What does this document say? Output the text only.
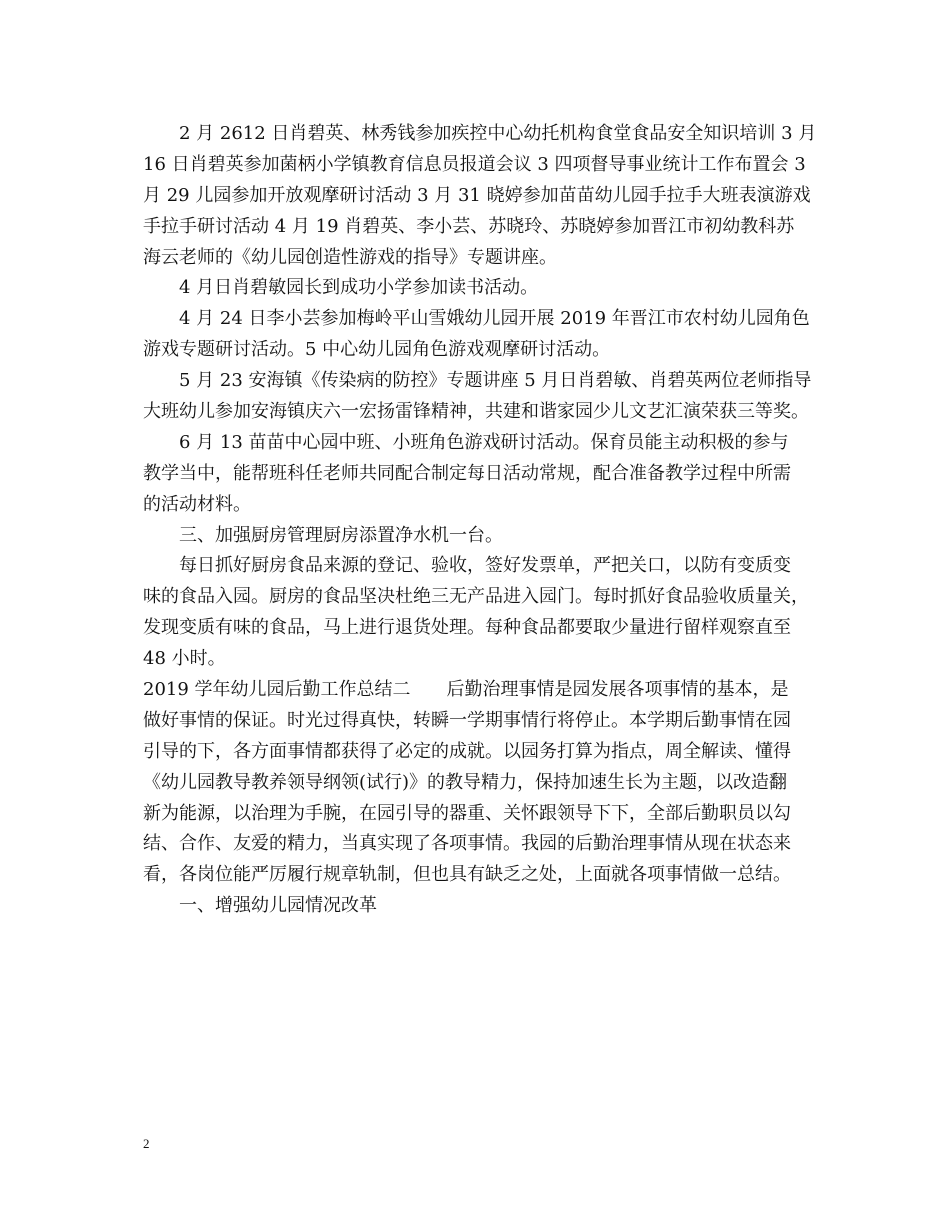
　　2 月 2612 日肖碧英、林秀钱参加疾控中心幼托机构食堂食品安全知识培训 3 月
16 日肖碧英参加菌柄小学镇教育信息员报道会议 3 四项督导事业统计工作布置会 3
月 29 儿园参加开放观摩研讨活动 3 月 31 晓婷参加苗苗幼儿园手拉手大班表演游戏
手拉手研讨活动 4 月 19 肖碧英、李小芸、苏晓玲、苏晓婷参加晋江市初幼教科苏
海云老师的《幼儿园创造性游戏的指导》专题讲座。
　　4 月日肖碧敏园长到成功小学参加读书活动。
　　4 月 24 日李小芸参加梅岭平山雪娥幼儿园开展 2019 年晋江市农村幼儿园角色
游戏专题研讨活动。5 中心幼儿园角色游戏观摩研讨活动。
　　5 月 23 安海镇《传染病的防控》专题讲座 5 月日肖碧敏、肖碧英两位老师指导
大班幼儿参加安海镇庆六一宏扬雷锋精神，共建和谐家园少儿文艺汇演荣获三等奖。
　　6 月 13 苗苗中心园中班、小班角色游戏研讨活动。保育员能主动积极的参与
教学当中，能帮班科任老师共同配合制定每日活动常规，配合准备教学过程中所需
的活动材料。
　　三、加强厨房管理厨房添置净水机一台。
　　每日抓好厨房食品来源的登记、验收，签好发票单，严把关口，以防有变质变
味的食品入园。厨房的食品坚决杜绝三无产品进入园门。每时抓好食品验收质量关，
发现变质有味的食品，马上进行退货处理。每种食品都要取少量进行留样观察直至
48 小时。
2019 学年幼儿园后勤工作总结二　　后勤治理事情是园发展各项事情的基本，是
做好事情的保证。时光过得真快，转瞬一学期事情行将停止。本学期后勤事情在园
引导的下，各方面事情都获得了必定的成就。以园务打算为指点，周全解读、懂得
《幼儿园教导教养领导纲领(试行)》的教导精力，保持加速生长为主题，以改造翻
新为能源，以治理为手腕，在园引导的器重、关怀跟领导下下，全部后勤职员以勾
结、合作、友爱的精力，当真实现了各项事情。我园的后勤治理事情从现在状态来
看，各岗位能严厉履行规章轨制，但也具有缺乏之处，上面就各项事情做一总结。
　　一、增强幼儿园情况改革
2
